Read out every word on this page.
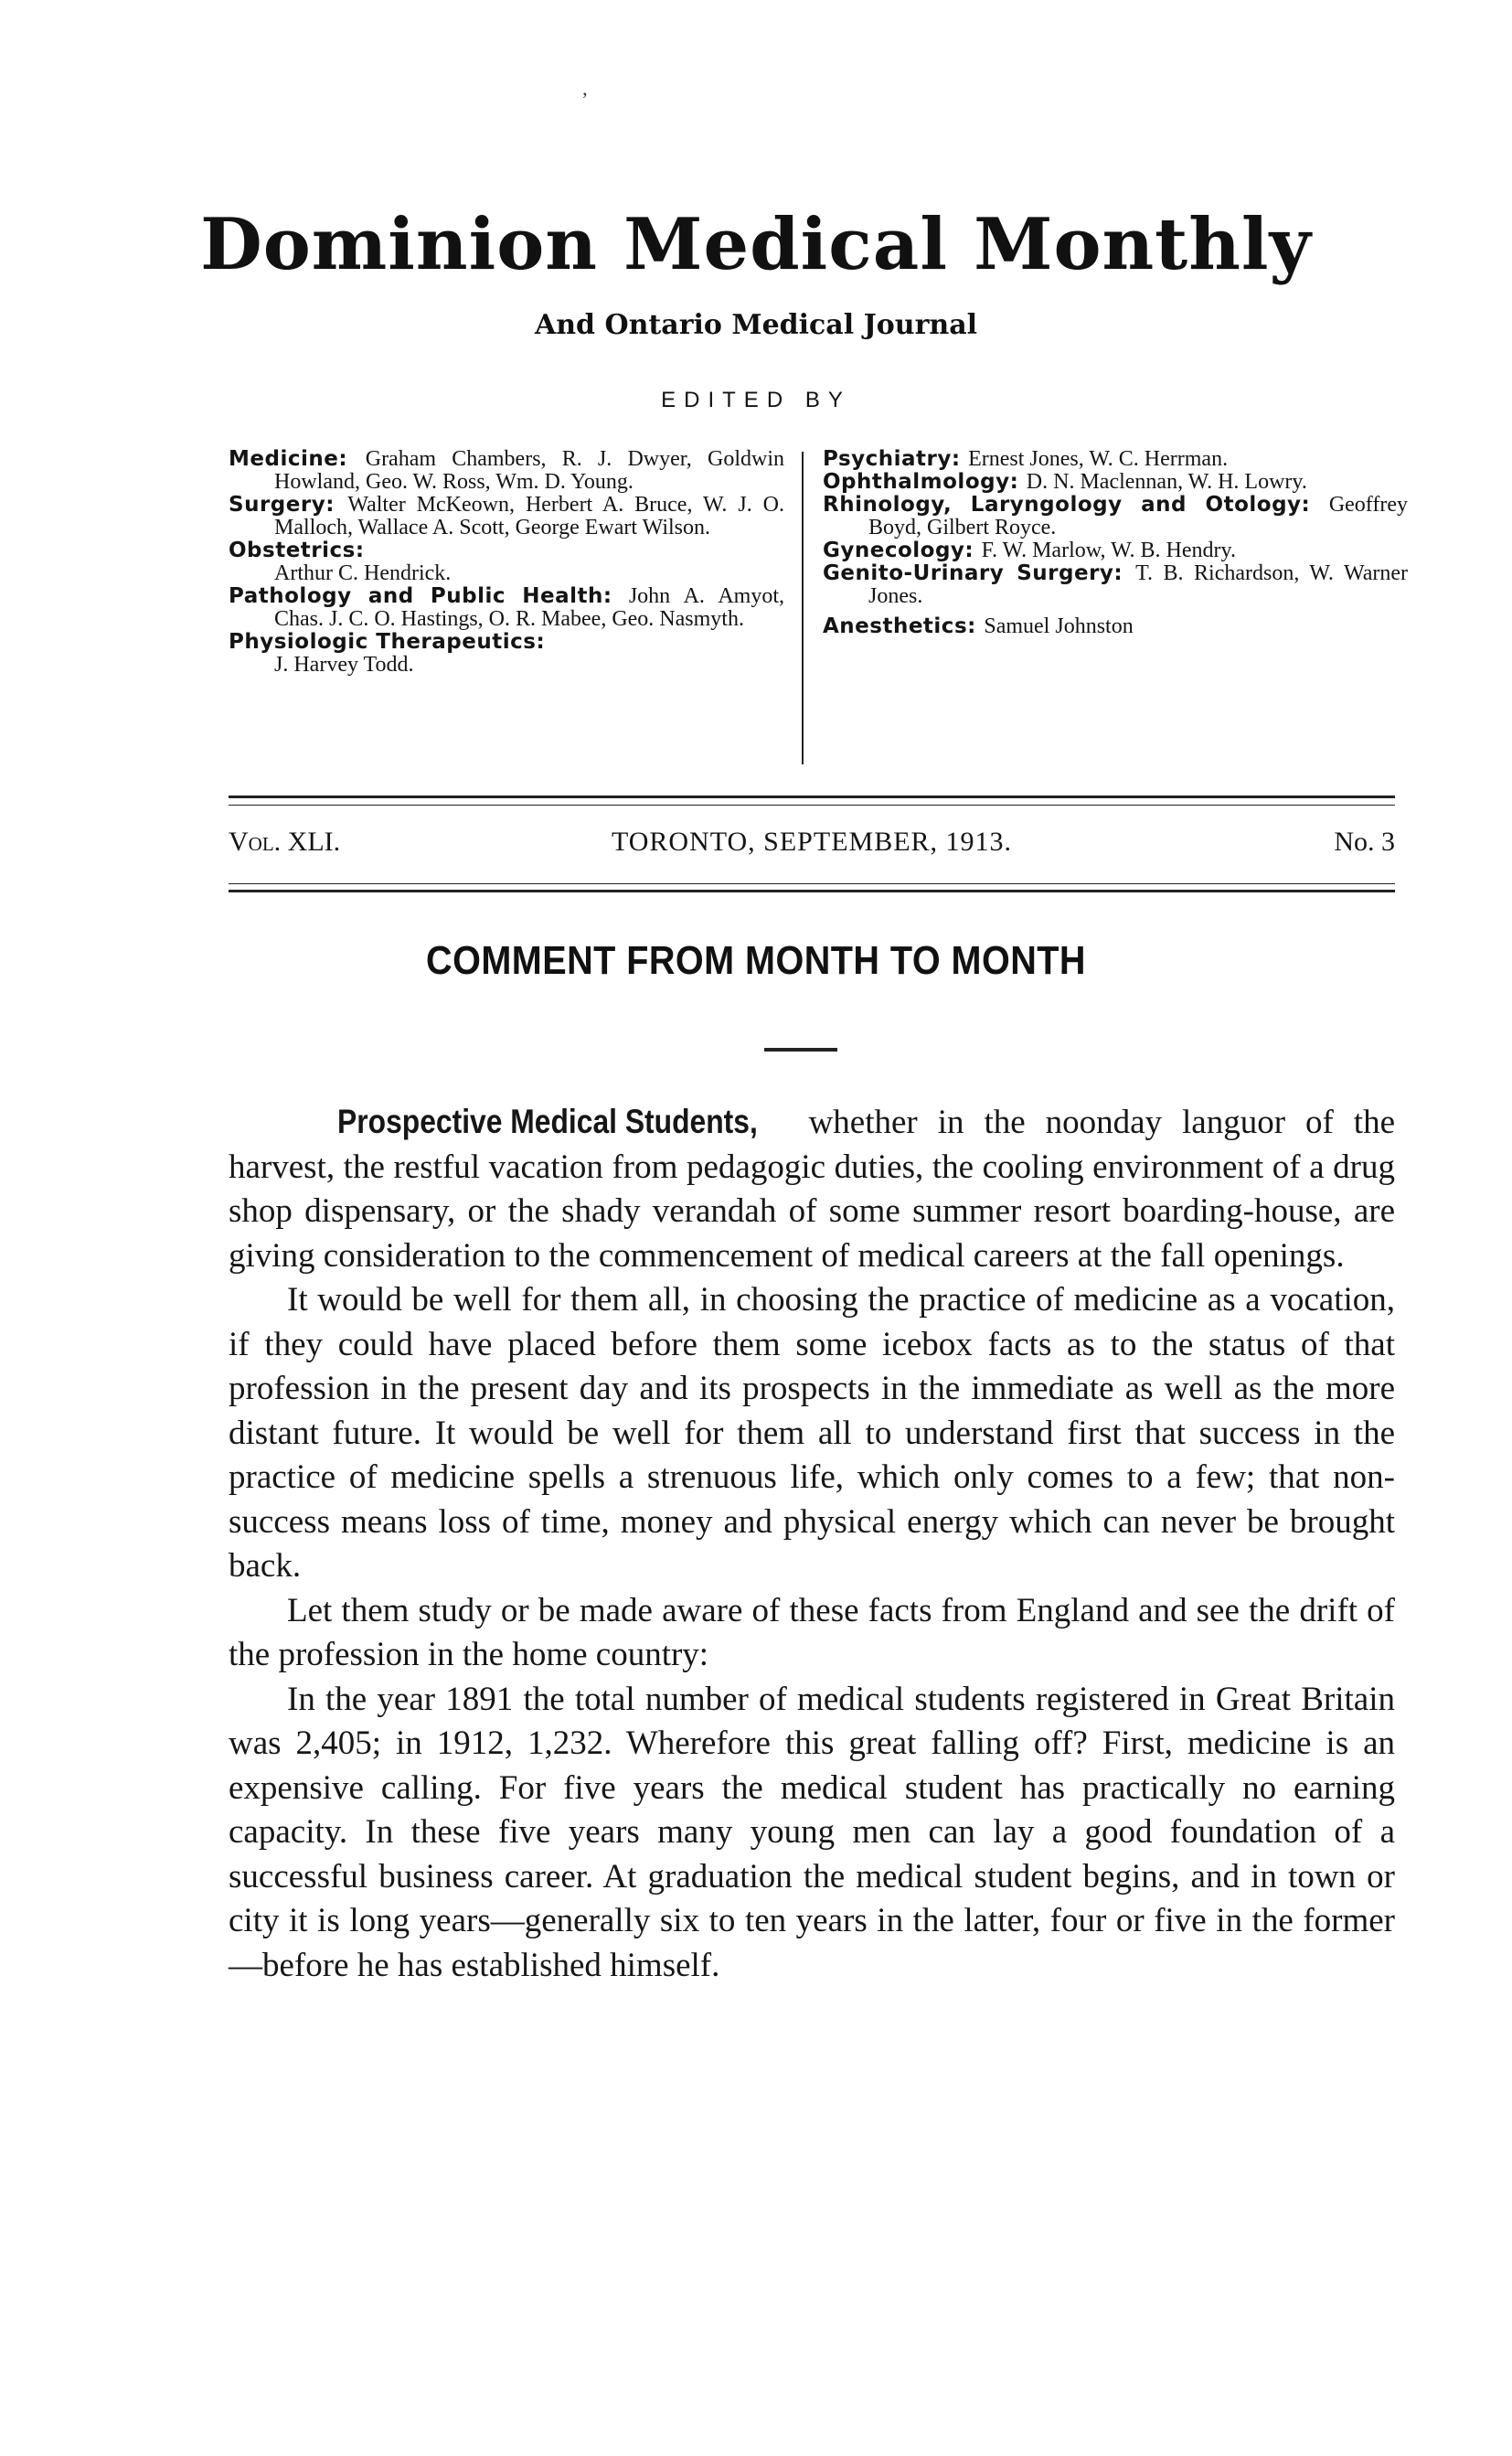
’
Dominion Medical Monthly
And Ontario Medical Journal
EDITED BY

Medicine: Graham Chambers, R. J. Dwyer, Goldwin Howland, Geo. W. Ross, Wm. D. Young.

Surgery: Walter McKeown, Herbert A. Bruce, W. J. O. Malloch, Wallace A. Scott, George Ewart Wilson.

Obstetrics:
Arthur C. Hendrick.

Pathology and Public Health: John A. Amyot, Chas. J. C. O. Hastings, O. R. Mabee, Geo. Nasmyth.

Physiologic Therapeutics:
J. Harvey Todd.

Psychiatry: Ernest Jones, W. C. Herrman.

Ophthalmology: D. N. Maclennan, W. H. Lowry.

Rhinology, Laryngology and Otology: Geoffrey Boyd, Gilbert Royce.

Gynecology: F. W. Marlow, W. B. Hendry.

Genito-Urinary Surgery: T. B. Richardson, W. Warner Jones.

Anesthetics: Samuel Johnston

Vol. XLI.	TORONTO, SEPTEMBER, 1913.	No. 3
COMMENT FROM MONTH TO MONTH

Prospective Medical Students, whether in the noonday languor of the harvest, the restful vacation from pedagogic duties, the cooling environment of a drug shop dispensary, or the shady verandah of some summer resort boarding-house, are giving consideration to the commencement of medical careers at the fall openings.

It would be well for them all, in choosing the practice of medicine as a vocation, if they could have placed before them some icebox facts as to the status of that profession in the present day and its prospects in the immediate as well as the more distant future. It would be well for them all to understand first that success in the practice of medicine spells a strenuous life, which only comes to a few; that non-success means loss of time, money and physical energy which can never be brought back.

Let them study or be made aware of these facts from England and see the drift of the profession in the home country:

In the year 1891 the total number of medical students registered in Great Britain was 2,405; in 1912, 1,232. Wherefore this great falling off? First, medicine is an expensive calling. For five years the medical student has practically no earning capacity. In these five years many young men can lay a good foundation of a successful business career. At graduation the medical student begins, and in town or city it is long years—generally six to ten years in the latter, four or five in the former—before he has established himself.
